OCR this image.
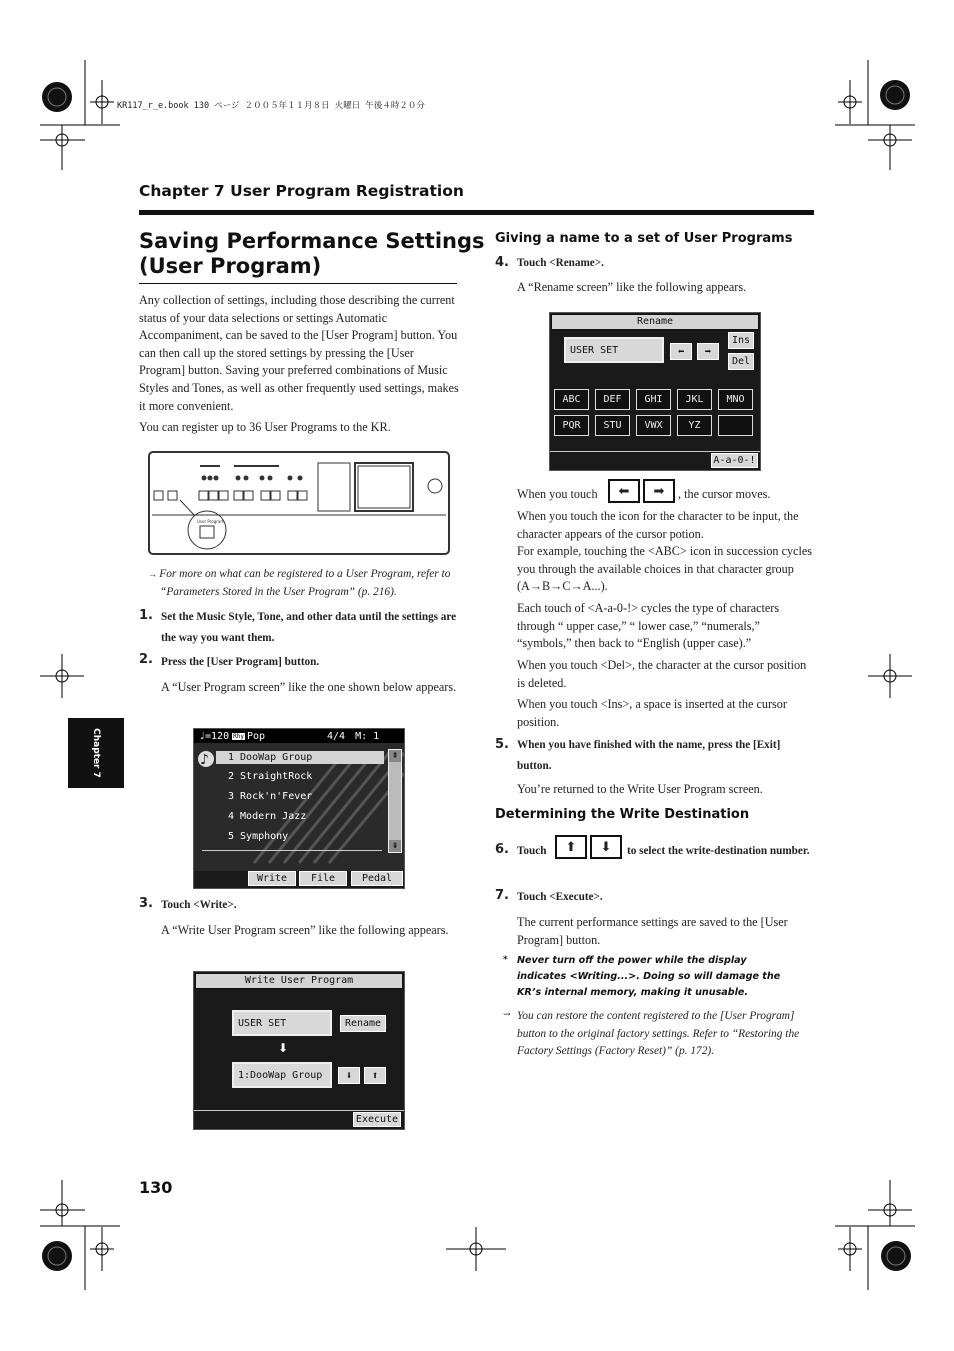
KR117_r_e.book 130 ページ ２００５年１１月８日 火曜日 午後４時２０分
Chapter 7 User Program Registration
Chapter 7
Saving Performance Settings
(User Program)
Any collection of settings, including those describing the current status of your data selections or settings Automatic Accompaniment, can be saved to the [User Program] button. You can then call up the stored settings by pressing the [User Program] button. Saving your preferred combinations of Music Styles and Tones, as well as other frequently used settings, makes it more convenient.
You can register up to 36 User Programs to the KR.
User Program
→ For more on what can be registered to a User Program, refer to “Parameters Stored in the User Program” (p. 216).
1. Set the Music Style, Tone, and other data until the settings are the way you want them.
2. Press the [User Program] button.
A “User Program screen” like the one shown below appears.
♩=120 Rhy Pop	4/4 M: 1
♪	1 DooWap Group
2 StraightRock
3 Rock'n'Fever
4 Modern Jazz
5 Symphony
⇞
⇟
Write	File	Pedal
3. Touch <Write>.
A “Write User Program screen” like the following appears.
Write User Program
USER SET	Rename
⬇
1:DooWap Group	⬇ ⬆
Execute
130
Giving a name to a set of User Programs
4. Touch <Rename>.
A “Rename screen” like the following appears.
Rename
USER SET	⬅ ➡
Ins
Del
ABC	DEF	GHI	JKL	MNO
PQR	STU	VWX	YZ
A-a-0-!
When you touch	⬅	➡	, the cursor moves.
When you touch the icon for the character to be input, the character appears of the cursor potion.
For example, touching the <ABC> icon in succession cycles you through the available choices in that character group (A→B→C→A...).
Each touch of <A-a-0-!> cycles the type of characters through “ upper case,” “ lower case,” “numerals,” “symbols,” then back to “English (upper case).”
When you touch <Del>, the character at the cursor position is deleted.
When you touch <Ins>, a space is inserted at the cursor position.
5. When you have finished with the name, press the [Exit] button.
You’re returned to the Write User Program screen.
Determining the Write Destination
6. Touch	⬆	⬇	to select the write-destination number.
7. Touch <Execute>.
The current performance settings are saved to the [User Program] button.
* Never turn off the power while the display indicates <Writing...>. Doing so will damage the KR’s internal memory, making it unusable.
→ You can restore the content registered to the [User Program] button to the original factory settings. Refer to “Restoring the Factory Settings (Factory Reset)” (p. 172).
